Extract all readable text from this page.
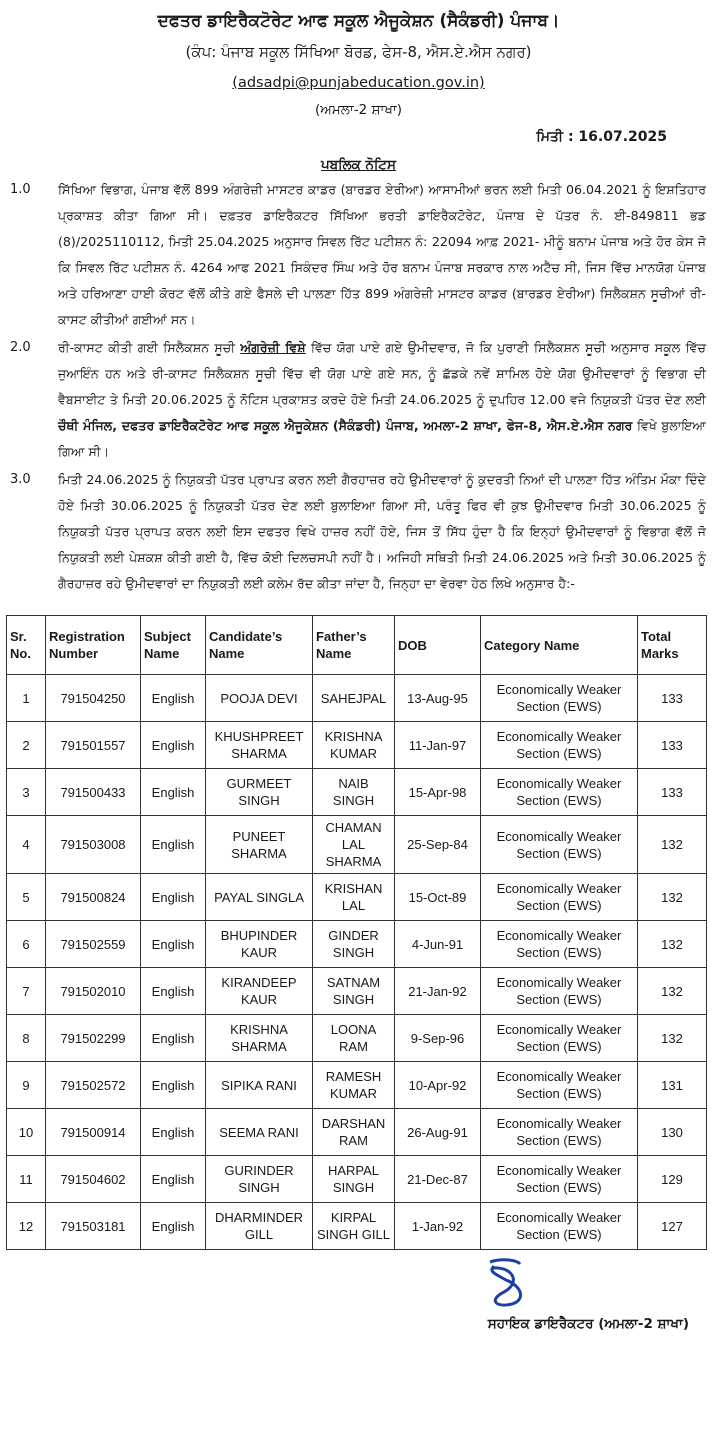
ਦਫਤਰ ਡਾਇਰੈਕਟੋਰੇਟ ਆਫ ਸਕੂਲ ਐਜੂਕੇਸ਼ਨ (ਸੈਕੰਡਰੀ) ਪੰਜਾਬ।
(ਕੰਪ: ਪੰਜਾਬ ਸਕੂਲ ਸਿੱਖਿਆ ਬੋਰਡ, ਫੇਸ-8, ਐਸ.ਏ.ਐਸ ਨਗਰ)
(adsadpi@punjabeducation.gov.in)
(ਅਮਲਾ-2 ਸ਼ਾਖਾ)
ਮਿਤੀ : 16.07.2025
ਪਬਲਿਕ ਨੋਟਿਸ
1.0	ਸਿੱਖਿਆ ਵਿਭਾਗ, ਪੰਜਾਬ ਵੱਲੋਂ 899 ਅੰਗਰੇਜ਼ੀ ਮਾਸਟਰ ਕਾਡਰ (ਬਾਰਡਰ ਏਰੀਆ) ਆਸਾਮੀਆਂ ਭਰਨ ਲਈ ਮਿਤੀ 06.04.2021 ਨੂੰ ਇਸ਼ਤਿਹਾਰ ਪ੍ਰਕਾਸ਼ਤ ਕੀਤਾ ਗਿਆ ਸੀ। ਦਫ਼ਤਰ ਡਾਇਰੈਕਟਰ ਸਿੱਖਿਆ ਭਰਤੀ ਡਾਇਰੈਕਟੋਰੇਟ, ਪੰਜਾਬ ਦੇ ਪੱਤਰ ਨੰ. ਈ-849811 ਭਡ (8)/2025110112, ਮਿਤੀ 25.04.2025 ਅਨੁਸਾਰ ਸਿਵਲ ਰਿੱਟ ਪਟੀਸ਼ਨ ਨੰ: 22094 ਆਫ਼ 2021- ਮੀਨੂੰ ਬਨਾਮ ਪੰਜਾਬ ਅਤੇ ਹੋਰ ਕੇਸ ਜੋ ਕਿ ਸਿਵਲ ਰਿੱਟ ਪਟੀਸ਼ਨ ਨੰ. 4264 ਆਫ 2021 ਸਿਕੰਦਰ ਸਿੰਘ ਅਤੇ ਹੋਰ ਬਨਾਮ ਪੰਜਾਬ ਸਰਕਾਰ ਨਾਲ ਅਟੈਚ ਸੀ, ਜਿਸ ਵਿੱਚ ਮਾਨਯੋਗ ਪੰਜਾਬ ਅਤੇ ਹਰਿਆਣਾ ਹਾਈ ਕੋਰਟ ਵੱਲੋਂ ਕੀਤੇ ਗਏ ਫੈਸਲੇ ਦੀ ਪਾਲਣਾ ਹਿੱਤ 899 ਅੰਗਰੇਜ਼ੀ ਮਾਸਟਰ ਕਾਡਰ (ਬਾਰਡਰ ਏਰੀਆ) ਸਿਲੈਕਸ਼ਨ ਸੂਚੀਆਂ ਰੀ-ਕਾਸਟ ਕੀਤੀਆਂ ਗਈਆਂ ਸਨ।
2.0	ਰੀ-ਕਾਸਟ ਕੀਤੀ ਗਈ ਸਿਲੈਕਸ਼ਨ ਸੂਚੀ ਅੰਗਰੇਜ਼ੀ ਵਿਸ਼ੇ ਵਿੱਚ ਯੋਗ ਪਾਏ ਗਏ ਉਮੀਦਵਾਰ, ਜੋ ਕਿ ਪੁਰਾਣੀ ਸਿਲੈਕਸ਼ਨ ਸੂਚੀ ਅਨੁਸਾਰ ਸਕੂਲ ਵਿੱਚ ਜੁਆਇੰਨ ਹਨ ਅਤੇ ਰੀ-ਕਾਸਟ ਸਿਲੈਕਸ਼ਨ ਸੂਚੀ ਵਿੱਚ ਵੀ ਯੋਗ ਪਾਏ ਗਏ ਸਨ, ਨੂੰ ਛੱਡਕੇ ਨਵੇਂ ਸ਼ਾਮਿਲ ਹੋਏ ਯੋਗ ਉਮੀਦਵਾਰਾਂ ਨੂੰ ਵਿਭਾਗ ਦੀ ਵੈਬਸਾਈਟ ਤੇ ਮਿਤੀ 20.06.2025 ਨੂੰ ਨੋਟਿਸ ਪ੍ਰਕਾਸ਼ਤ ਕਰਦੇ ਹੋਏ ਮਿਤੀ 24.06.2025 ਨੂੰ ਦੁਪਹਿਰ 12.00 ਵਜੇ ਨਿਯੁਕਤੀ ਪੱਤਰ ਦੇਣ ਲਈ ਚੌਥੀ ਮੰਜਿਲ, ਦਫਤਰ ਡਾਇਰੈਕਟੋਰੇਟ ਆਫ ਸਕੂਲ ਐਜੂਕੇਸ਼ਨ (ਸੈਕੰਡਰੀ) ਪੰਜਾਬ, ਅਮਲਾ-2 ਸ਼ਾਖਾ, ਫੇਜ-8, ਐਸ.ਏ.ਐਸ ਨਗਰ ਵਿਖੇ ਬੁਲਾਇਆ ਗਿਆ ਸੀ।
3.0	ਮਿਤੀ 24.06.2025 ਨੂੰ ਨਿਯੁਕਤੀ ਪੱਤਰ ਪ੍ਰਾਪਤ ਕਰਨ ਲਈ ਗੈਰਹਾਜ਼ਰ ਰਹੇ ਉਮੀਦਵਾਰਾਂ ਨੂੰ ਕੁਦਰਤੀ ਨਿਆਂ ਦੀ ਪਾਲਣਾ ਹਿੱਤ ਅੰਤਿਮ ਮੌਕਾ ਦਿੰਦੇ ਹੋਏ ਮਿਤੀ 30.06.2025 ਨੂੰ ਨਿਯੁਕਤੀ ਪੱਤਰ ਦੇਣ ਲਈ ਬੁਲਾਇਆ ਗਿਆ ਸੀ, ਪਰੰਤੂ ਫਿਰ ਵੀ ਕੁਝ ਉਮੀਦਵਾਰ ਮਿਤੀ 30.06.2025 ਨੂੰ ਨਿਯੁਕਤੀ ਪੱਤਰ ਪ੍ਰਾਪਤ ਕਰਨ ਲਈ ਇਸ ਦਫਤਰ ਵਿਖੇ ਹਾਜ਼ਰ ਨਹੀਂ ਹੋਏ, ਜਿਸ ਤੋਂ ਸਿੱਧ ਹੁੰਦਾ ਹੈ ਕਿ ਇਨ੍ਹਾਂ ਉਮੀਦਵਾਰਾਂ ਨੂੰ ਵਿਭਾਗ ਵੱਲੋਂ ਜੋ ਨਿਯੁਕਤੀ ਲਈ ਪੇਸ਼ਕਸ਼ ਕੀਤੀ ਗਈ ਹੈ, ਵਿੱਚ ਕੋਈ ਦਿਲਚਸਪੀ ਨਹੀਂ ਹੈ। ਅਜਿਹੀ ਸਥਿਤੀ ਮਿਤੀ 24.06.2025 ਅਤੇ ਮਿਤੀ 30.06.2025 ਨੂੰ ਗੈਰਹਾਜ਼ਰ ਰਹੇ ਉਮੀਦਵਾਰਾਂ ਦਾ ਨਿਯੁਕਤੀ ਲਈ ਕਲੇਮ ਰੱਦ ਕੀਤਾ ਜਾਂਦਾ ਹੈ, ਜਿਨ੍ਹਾ ਦਾ ਵੇਰਵਾ ਹੇਠ ਲਿਖੇ ਅਨੁਸਾਰ ਹੈ:-
Sr. No.	Registration Number	Subject Name	Candidate’s Name	Father’s Name	DOB	Category Name	Total Marks
1	791504250	English	POOJA DEVI	SAHEJPAL	13-Aug-95	Economically Weaker Section (EWS)	133
2	791501557	English	KHUSHPREET SHARMA	KRISHNA KUMAR	11-Jan-97	Economically Weaker Section (EWS)	133
3	791500433	English	GURMEET SINGH	NAIB SINGH	15-Apr-98	Economically Weaker Section (EWS)	133
4	791503008	English	PUNEET SHARMA	CHAMAN LAL SHARMA	25-Sep-84	Economically Weaker Section (EWS)	132
5	791500824	English	PAYAL SINGLA	KRISHAN LAL	15-Oct-89	Economically Weaker Section (EWS)	132
6	791502559	English	BHUPINDER KAUR	GINDER SINGH	4-Jun-91	Economically Weaker Section (EWS)	132
7	791502010	English	KIRANDEEP KAUR	SATNAM SINGH	21-Jan-92	Economically Weaker Section (EWS)	132
8	791502299	English	KRISHNA SHARMA	LOONA RAM	9-Sep-96	Economically Weaker Section (EWS)	132
9	791502572	English	SIPIKA RANI	RAMESH KUMAR	10-Apr-92	Economically Weaker Section (EWS)	131
10	791500914	English	SEEMA RANI	DARSHAN RAM	26-Aug-91	Economically Weaker Section (EWS)	130
11	791504602	English	GURINDER SINGH	HARPAL SINGH	21-Dec-87	Economically Weaker Section (EWS)	129
12	791503181	English	DHARMINDER GILL	KIRPAL SINGH GILL	1-Jan-92	Economically Weaker Section (EWS)	127
ਸਹਾਇਕ ਡਾਇਰੈਕਟਰ (ਅਮਲਾ-2 ਸ਼ਾਖਾ)
